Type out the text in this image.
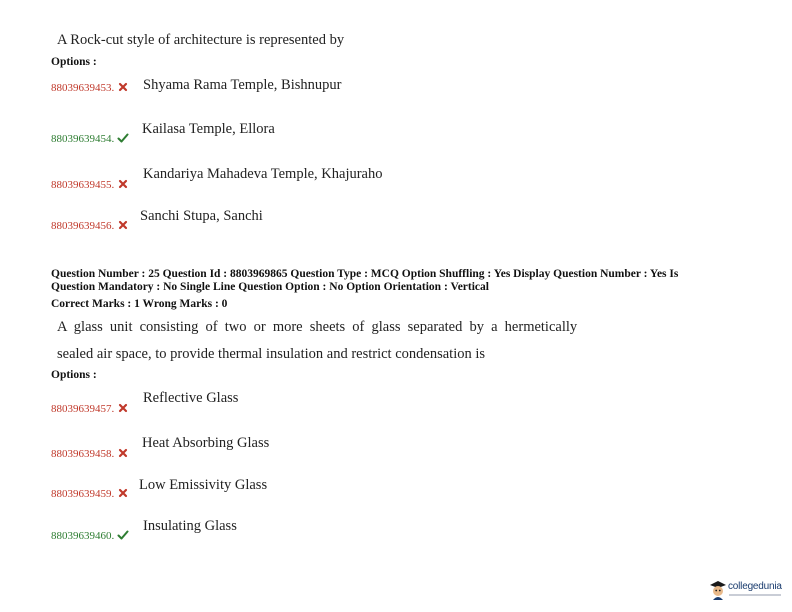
A Rock-cut style of architecture is represented by
Options :
88039639453.	Shyama Rama Temple, Bishnupur
88039639454.
Kailasa Temple, Ellora
88039639455.
Kandariya Mahadeva Temple, Khajuraho
88039639456.
Sanchi Stupa, Sanchi
Question Number : 25 Question Id : 8803969865 Question Type : MCQ Option Shuffling : Yes Display Question Number : Yes Is
Question Mandatory : No Single Line Question Option : No Option Orientation : Vertical
Correct Marks : 1 Wrong Marks : 0
A glass unit consisting of two or more sheets of glass separated by a hermetically
sealed air space, to provide thermal insulation and restrict condensation is
Options :
88039639457.
Reflective Glass
88039639458.
Heat Absorbing Glass
88039639459.
Low Emissivity Glass
88039639460.
Insulating Glass
collegedunia
